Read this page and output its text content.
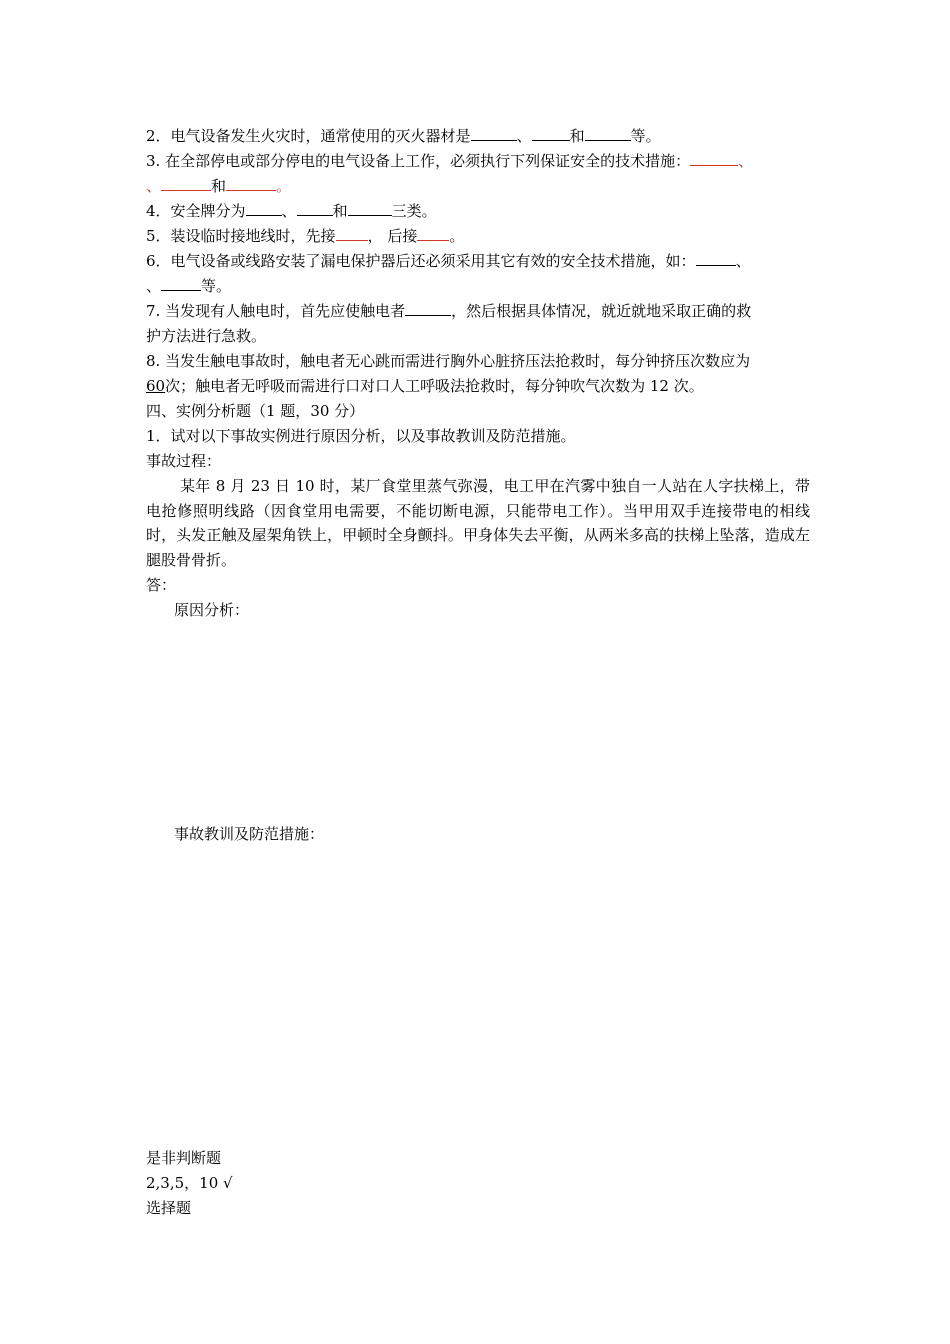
2．电气设备发生火灾时，通常使用的灭火器材是	、	和	等。
3. 在全部停电或部分停电的电气设备上工作，必须执行下列保证安全的技术措施：	、
、	和	。
4．安全牌分为 、 和	三类。
5．装设临时接地线时，先接 ， 后接 。
6．电气设备或线路安装了漏电保护器后还必须采用其它有效的安全技术措施，如：	、
、	等。
7. 当发现有人触电时，首先应使触电者	，然后根据具体情况，就近就地采取正确的救
护方法进行急救。
8. 当发生触电事故时，触电者无心跳而需进行胸外心脏挤压法抢救时，每分钟挤压次数应为
60次；触电者无呼吸而需进行口对口人工呼吸法抢救时，每分钟吹气次数为 12 次。
四、实例分析题（1 题，30 分）
1．试对以下事故实例进行原因分析，以及事故教训及防范措施。
事故过程：
某年 8 月 23 日 10 时，某厂食堂里蒸气弥漫，电工甲在汽雾中独自一人站在人字扶梯上，带电抢修照明线路（因食堂用电需要，不能切断电源，只能带电工作）。当甲用双手连接带电的相线时，头发正触及屋架角铁上，甲顿时全身颤抖。甲身体失去平衡，从两米多高的扶梯上坠落，造成左腿股骨骨折。
答：
原因分析：
事故教训及防范措施：
是非判断题
2,3,5，10 √
选择题
